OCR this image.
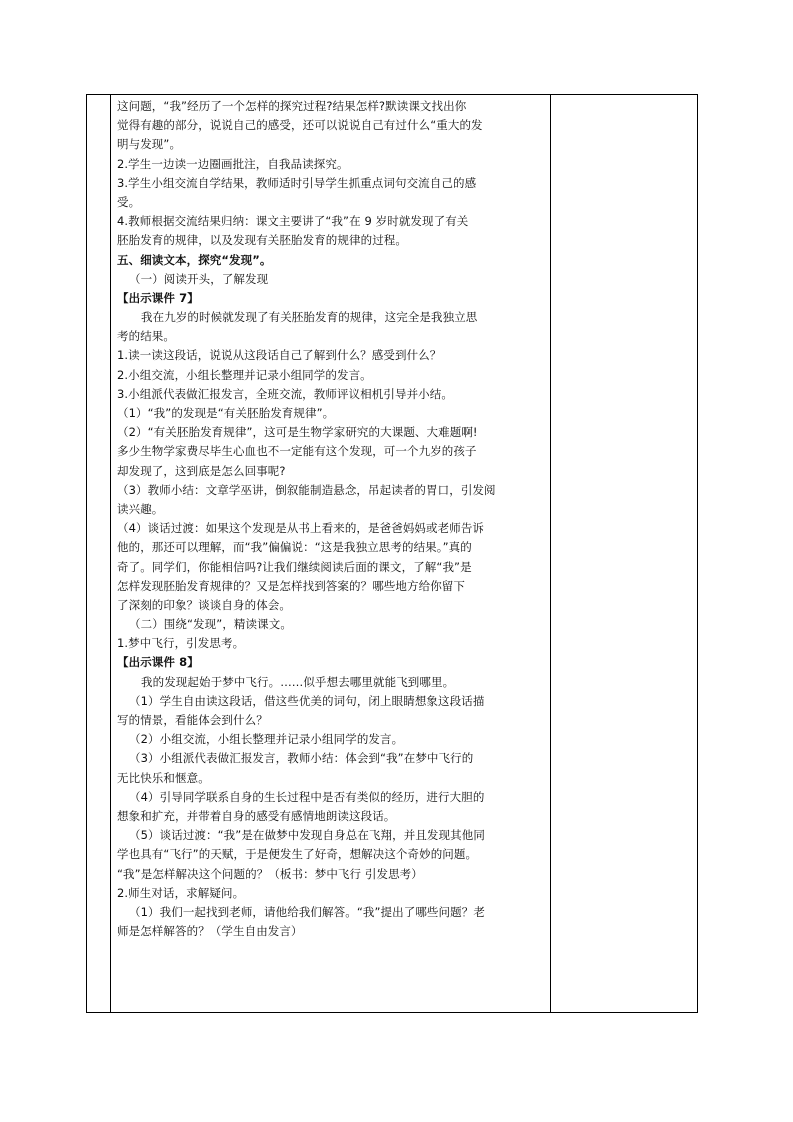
这问题，“我”经历了一个怎样的探究过程?结果怎样?默读课文找出你
觉得有趣的部分，说说自己的感受，还可以说说自己有过什么“重大的发
明与发现”。
2.学生一边读一边圈画批注，自我品读探究。
3.学生小组交流自学结果，教师适时引导学生抓重点词句交流自己的感
受。
4.教师根据交流结果归纳：课文主要讲了“我”在 9 岁时就发现了有关
胚胎发育的规律，以及发现有关胚胎发育的规律的过程。
五、细读文本，探究“发现”。
（一）阅读开头，了解发现
【出示课件 7】
我在九岁的时候就发现了有关胚胎发育的规律，这完全是我独立思
考的结果。
1.读一读这段话，说说从这段话自己了解到什么？感受到什么？
2.小组交流，小组长整理并记录小组同学的发言。
3.小组派代表做汇报发言，全班交流，教师评议相机引导并小结。
（1）“我”的发现是“有关胚胎发育规律”。
（2）“有关胚胎发育规律”，这可是生物学家研究的大课题、大难题啊!
多少生物学家费尽毕生心血也不一定能有这个发现，可一个九岁的孩子
却发现了，这到底是怎么回事呢?
（3）教师小结：文章学巫讲，倒叙能制造悬念，吊起读者的胃口，引发阅
读兴趣。
（4）谈话过渡：如果这个发现是从书上看来的，是爸爸妈妈或老师告诉
他的，那还可以理解，而“我”偏偏说：“这是我独立思考的结果。”真的
奇了。同学们，你能相信吗?让我们继续阅读后面的课文，了解“我”是
怎样发现胚胎发育规律的？又是怎样找到答案的？哪些地方给你留下
了深刻的印象？谈谈自身的体会。
（二）围绕“发现”，精读课文。
1.梦中飞行，引发思考。
【出示课件 8】
我的发现起始于梦中飞行。……似乎想去哪里就能飞到哪里。
（1）学生自由读这段话，借这些优美的词句，闭上眼睛想象这段话描
写的情景，看能体会到什么？
（2）小组交流，小组长整理并记录小组同学的发言。
（3）小组派代表做汇报发言，教师小结：体会到“我”在梦中飞行的
无比快乐和惬意。
（4）引导同学联系自身的生长过程中是否有类似的经历，进行大胆的
想象和扩充，并带着自身的感受有感情地朗读这段话。
（5）谈话过渡：“我”是在做梦中发现自身总在飞翔，并且发现其他同
学也具有“飞行”的天赋，于是便发生了好奇，想解决这个奇妙的问题。
“我”是怎样解决这个问题的？（板书：梦中飞行 引发思考）
2.师生对话，求解疑问。
（1）我们一起找到老师，请他给我们解答。“我”提出了哪些问题？老
师是怎样解答的？（学生自由发言）
